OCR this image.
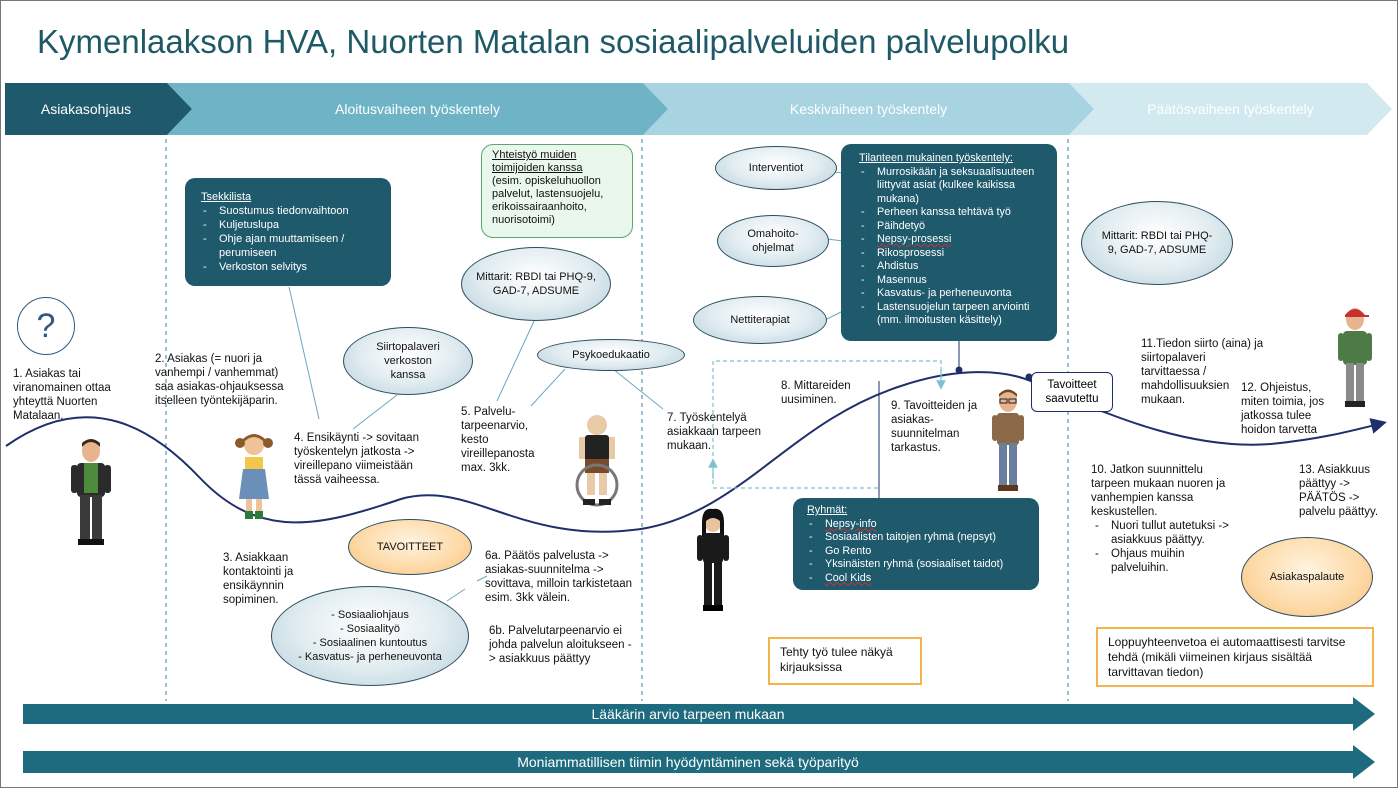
Kymenlaakson HVA, Nuorten Matalan sosiaalipalveluiden palvelupolku
Asiakasohjaus	Aloitusvaiheen työskentely	Keskivaiheen työskentely	Päätösvaiheen työskentely
Tsekkilista
- Suostumus tiedonvaihtoon
- Kuljetuslupa
- Ohje ajan muuttamiseen / perumiseen
- Verkoston selvitys
Yhteistyö muiden toimijoiden kanssa
(esim. opiskeluhuollon palvelut, lastensuojelu, erikoissairaanhoito, nuorisotoimi)
Tilanteen mukainen työskentely:
- Murrosikään ja seksuaalisuuteen liittyvät asiat (kulkee kaikissa mukana)
- Perheen kanssa tehtävä työ
- Päihdetyö
- Nepsy-prosessi
- Rikosprosessi
- Ahdistus
- Masennus
- Kasvatus- ja perheneuvonta
- Lastensuojelun tarpeen arviointi (mm. ilmoitusten käsittely)
Ryhmät:
- Nepsy-info
- Sosiaalisten taitojen ryhmä (nepsyt)
- Go Rento
- Yksinäisten ryhmä (sosiaaliset taidot)
- Cool Kids
Mittarit: RBDI tai PHQ-9, GAD-7, ADSUME
Siirtopalaveri verkoston kanssa
Psykoedukaatio
Interventiot
Omahoito-ohjelmat
Nettiterapiat
Mittarit: RBDI tai PHQ-9, GAD-7, ADSUME
TAVOITTEET
Asiakaspalaute
- Sosiaaliohjaus
- Sosiaalityö
- Sosiaalinen kuntoutus
- Kasvatus- ja perheneuvonta
?
Tavoitteet saavutettu
1. Asiakas tai viranomainen ottaa yhteyttä Nuorten Matalaan.
2. Asiakas (= nuori ja vanhempi / vanhemmat) saa asiakas-ohjauksessa itselleen työntekijäparin.
3. Asiakkaan kontaktointi ja ensikäynnin sopiminen.
4. Ensikäynti -> sovitaan työskentelyn jatkosta -> vireillepano viimeistään tässä vaiheessa.
5. Palvelu-tarpeenarvio, kesto vireillepanosta max. 3kk.
6a. Päätös palvelusta -> asiakas-suunnitelma -> sovittava, milloin tarkistetaan esim. 3kk välein.
6b. Palvelutarpeenarvio ei johda palvelun aloitukseen -> asiakkuus päättyy
7. Työskentelyä asiakkaan tarpeen mukaan.
8. Mittareiden uusiminen.	9. Tavoitteiden ja asiakas-suunnitelman tarkastus.
10. Jatkon suunnittelu tarpeen mukaan nuoren ja vanhempien kanssa keskustellen.
- Nuori tullut autetuksi -> asiakkuus päättyy.
- Ohjaus muihin palveluihin.
11.Tiedon siirto (aina) ja siirtopalaveri tarvittaessa / mahdollisuuksien mukaan.
12. Ohjeistus, miten toimia, jos jatkossa tulee hoidon tarvetta
13. Asiakkuus päättyy -> PÄÄTÖS -> palvelu päättyy.
Tehty työ tulee näkyä kirjauksissa
Loppuyhteenvetoa ei automaattisesti tarvitse tehdä (mikäli viimeinen kirjaus sisältää tarvittavan tiedon)
Lääkärin arvio tarpeen mukaan
Moniammatillisen tiimin hyödyntäminen sekä työparityö
